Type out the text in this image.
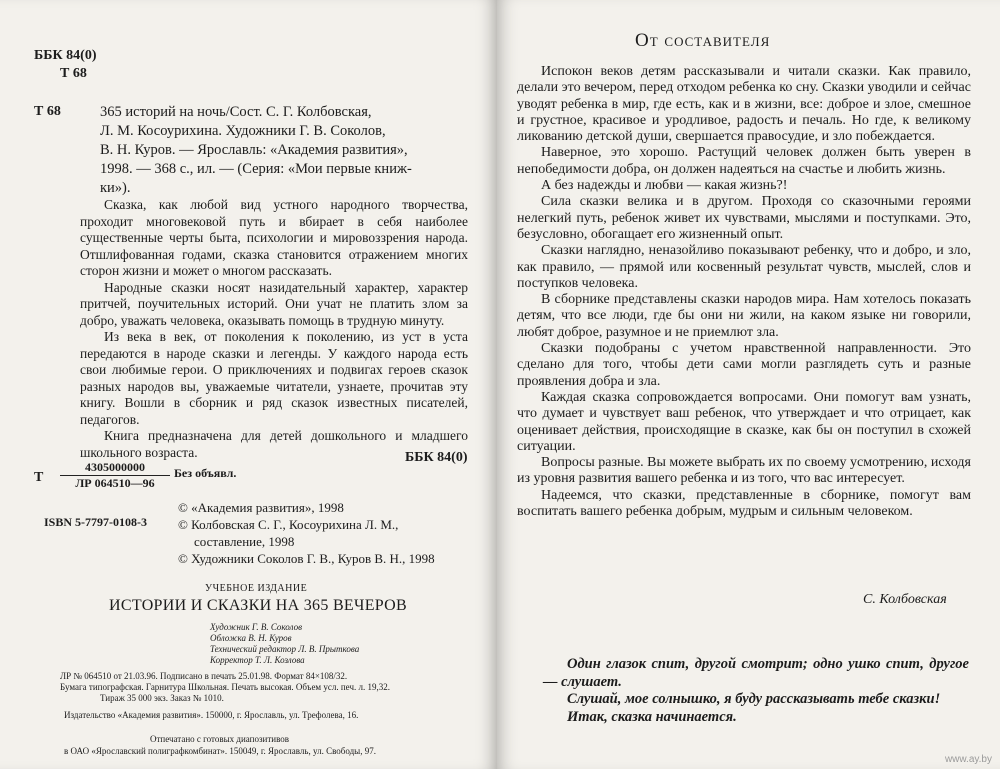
ББК 84(0)
Т 68
Т 68	365 историй на ночь/Сост. С. Г. Колбовская,
Л. М. Косоурихина. Художники Г. В. Соколов,
В. Н. Куров. — Ярославль: «Академия развития»,
1998. — 368 с., ил. — (Серия: «Мои первые книж-
ки»).

Сказка, как любой вид устного народного творчества, проходит многовековой путь и вбирает в себя наиболее существенные черты быта, психологии и мировоззрения народа. Отшлифованная годами, сказка становится отражением многих сторон жизни и может о многом рассказать.

Народные сказки носят назидательный характер, характер притчей, поучительных историй. Они учат не платить злом за добро, уважать человека, оказывать помощь в трудную минуту.

Из века в век, от поколения к поколению, из уст в уста передаются в народе сказки и легенды. У каждого народа есть свои любимые герои. О приключениях и подвигах героев сказок разных народов вы, уважаемые читатели, узнаете, прочитав эту книгу. Вошли в сборник и ряд сказок известных писателей, педагогов.

Книга предназначена для детей дошкольного и младшего школьного возраста.

Т
4305000000
ЛР 064510—96
Без объявл.
ББК 84(0)
ISBN 5-7797-0108-3
© «Академия развития», 1998
© Колбовская С. Г., Косоурихина Л. М.,
составление, 1998
© Художники Соколов Г. В., Куров В. Н., 1998
УЧЕБНОЕ ИЗДАНИЕ
ИСТОРИИ И СКАЗКИ НА 365 ВЕЧЕРОВ
Художник Г. В. Соколов
Обложка В. Н. Куров
Технический редактор Л. В. Прыткова
Корректор Т. Л. Козлова
ЛР № 064510 от 21.03.96. Подписано в печать 25.01.98. Формат 84×108/32.
Бумага типографская. Гарнитура Школьная. Печать высокая. Объем усл. печ. л. 19,32.
Тираж 35 000 экз. Заказ № 1010.
Издательство «Академия развития». 150000, г. Ярославль, ул. Трефолева, 16.
Отпечатано с готовых диапозитивов
в ОАО «Ярославский полиграфкомбинат». 150049, г. Ярославль, ул. Свободы, 97.
От составителя

Испокон веков детям рассказывали и читали сказки. Как правило, делали это вечером, перед отходом ребенка ко сну. Сказки уводили и сейчас уводят ребенка в мир, где есть, как и в жизни, все: доброе и злое, смешное и грустное, красивое и уродливое, радость и печаль. Но где, к великому ликованию детской души, свершается правосудие, и зло побеждается.

Наверное, это хорошо. Растущий человек должен быть уверен в непобедимости добра, он должен надеяться на счастье и любить жизнь.

А без надежды и любви — какая жизнь?!

Сила сказки велика и в другом. Проходя со сказочными героями нелегкий путь, ребенок живет их чувствами, мыслями и поступками. Это, безусловно, обогащает его жизненный опыт.

Сказки наглядно, неназойливо показывают ребенку, что и добро, и зло, как правило, — прямой или косвенный результат чувств, мыслей, слов и поступков человека.

В сборнике представлены сказки народов мира. Нам хотелось показать детям, что все люди, где бы они ни жили, на каком языке ни говорили, любят доброе, разумное и не приемлют зла.

Сказки подобраны с учетом нравственной направленности. Это сделано для того, чтобы дети сами могли разглядеть суть и разные проявления добра и зла.

Каждая сказка сопровождается вопросами. Они помогут вам узнать, что думает и чувствует ваш ребенок, что утверждает и что отрицает, как оценивает действия, происходящие в сказке, как бы он поступил в схожей ситуации.

Вопросы разные. Вы можете выбрать их по своему усмотрению, исходя из уровня развития вашего ребенка и из того, что вас интересует.

Надеемся, что сказки, представленные в сборнике, помогут вам воспитать вашего ребенка добрым, мудрым и сильным человеком.

С. Колбовская

Один глазок спит, другой смотрит; одно ушко спит, другое — слушает.

Слушай, мое солнышко, я буду рассказывать тебе сказки!

Итак, сказка начинается.

www.ay.by
